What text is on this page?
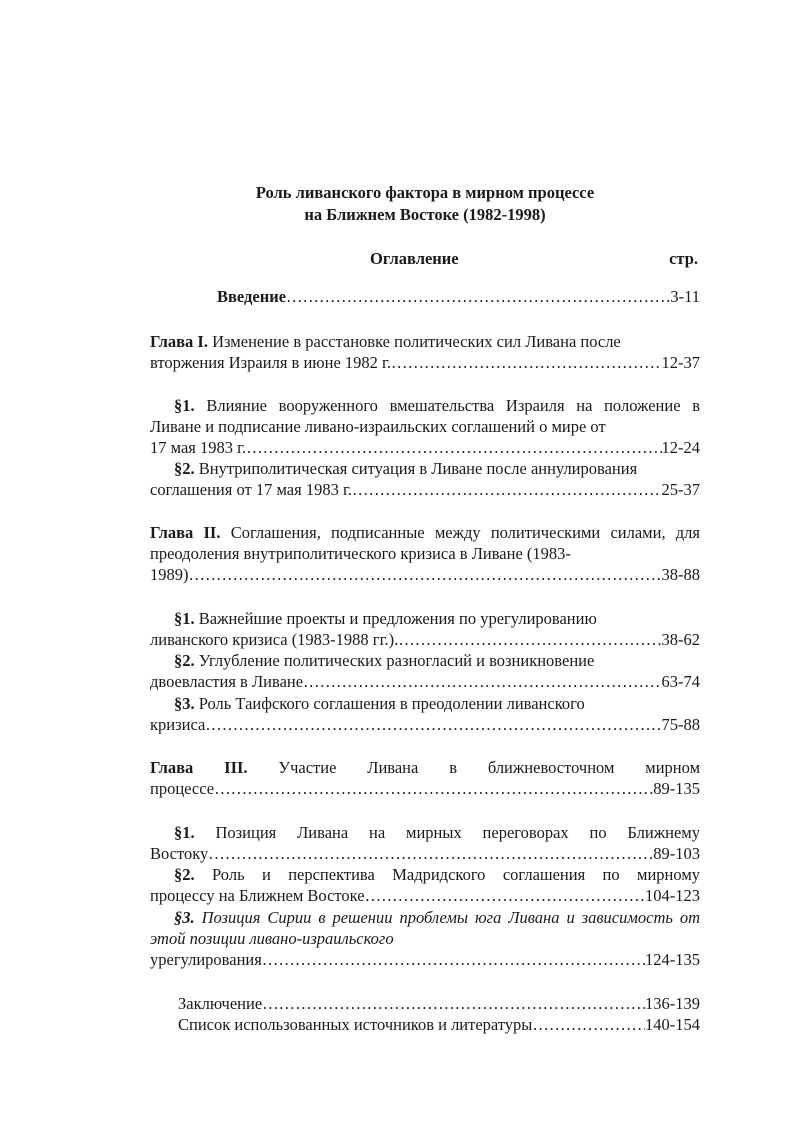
Роль ливанского фактора в мирном процессе
на Ближнем Востоке (1982-1998)
Оглавление	стр.
Введение ……………………………………………………………………………………………………………………………………	3-11
Глава I. Изменение в расстановке политических сил Ливана после
вторжения Израиля в июне 1982 г. ……………………………………………………………………………………………………………………………………	12-37
§1. Влияние вооруженного вмешательства Израиля на положение в Ливане и подписание ливано-израильских соглашений о мире от
17 мая 1983 г. ……………………………………………………………………………………………………………………………………	12-24
§2. Внутриполитическая ситуация в Ливане после аннулирования
соглашения от 17 мая 1983 г. ……………………………………………………………………………………………………………………………………	25-37
Глава II. Соглашения, подписанные между политическими силами, для преодоления внутриполитического кризиса в Ливане (1983-
1989) ……………………………………………………………………………………………………………………………………	38-88
§1. Важнейшие проекты и предложения по урегулированию
ливанского кризиса (1983-1988 гг.). ……………………………………………………………………………………………………………………………………	38-62
§2. Углубление политических разногласий и возникновение
двоевластия в Ливане ……………………………………………………………………………………………………………………………………	63-74
§3. Роль Таифского соглашения в преодолении ливанского
кризиса ……………………………………………………………………………………………………………………………………	75-88
Глава III. Участие Ливана в ближневосточном мирном
процессе ……………………………………………………………………………………………………………………………………	89-135
§1. Позиция Ливана на мирных переговорах по Ближнему
Востоку ……………………………………………………………………………………………………………………………………	89-103
§2. Роль и перспектива Мадридского соглашения по мирному
процессу на Ближнем Востоке ……………………………………………………………………………………………………………………………………	104-123
§3. Позиция Сирии в решении проблемы юга Ливана и зависимость от этой позиции ливано-израильского
урегулирования ……………………………………………………………………………………………………………………………………	124-135
Заключение ……………………………………………………………………………………………………………………………………	136-139
Список использованных источников и литературы ……………………………………………………………………………………………………………………………………	140-154
